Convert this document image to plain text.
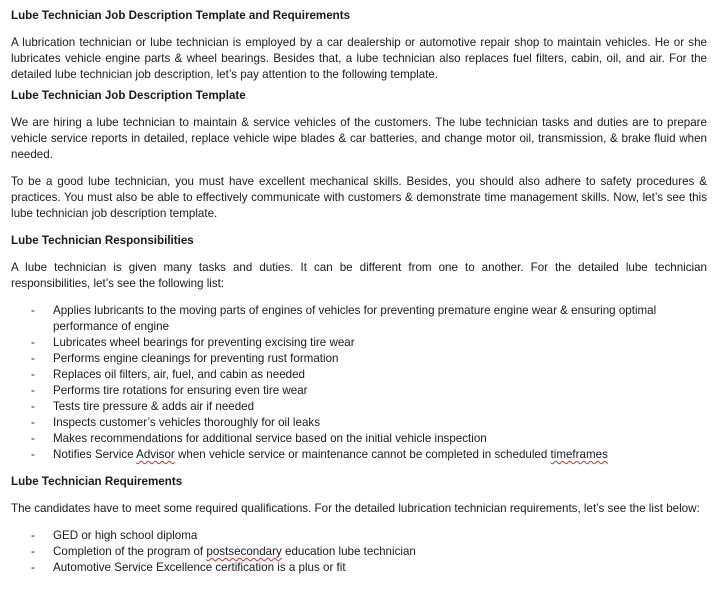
Lube Technician Job Description Template and Requirements

A lubrication technician or lube technician is employed by a car dealership or automotive repair shop to maintain vehicles. He or she lubricates vehicle engine parts & wheel bearings. Besides that, a lube technician also replaces fuel filters, cabin, oil, and air. For the detailed lube technician job description, let’s pay attention to the following template.

Lube Technician Job Description Template

We are hiring a lube technician to maintain & service vehicles of the customers. The lube technician tasks and duties are to prepare vehicle service reports in detailed, replace vehicle wipe blades & car batteries, and change motor oil, transmission, & brake fluid when needed.

To be a good lube technician, you must have excellent mechanical skills. Besides, you should also adhere to safety procedures & practices. You must also be able to effectively communicate with customers & demonstrate time management skills. Now, let’s see this lube technician job description template.

Lube Technician Responsibilities

A lube technician is given many tasks and duties. It can be different from one to another. For the detailed lube technician responsibilities, let’s see the following list:

- Applies lubricants to the moving parts of engines of vehicles for preventing premature engine wear & ensuring optimal performance of engine
- Lubricates wheel bearings for preventing excising tire wear
- Performs engine cleanings for preventing rust formation
- Replaces oil filters, air, fuel, and cabin as needed
- Performs tire rotations for ensuring even tire wear
- Tests tire pressure & adds air if needed
- Inspects customer’s vehicles thoroughly for oil leaks
- Makes recommendations for additional service based on the initial vehicle inspection
- Notifies Service Advisor when vehicle service or maintenance cannot be completed in scheduled timeframes
Lube Technician Requirements

The candidates have to meet some required qualifications. For the detailed lubrication technician requirements, let’s see the list below:

- GED or high school diploma
- Completion of the program of postsecondary education lube technician
- Automotive Service Excellence certification is a plus or fit
